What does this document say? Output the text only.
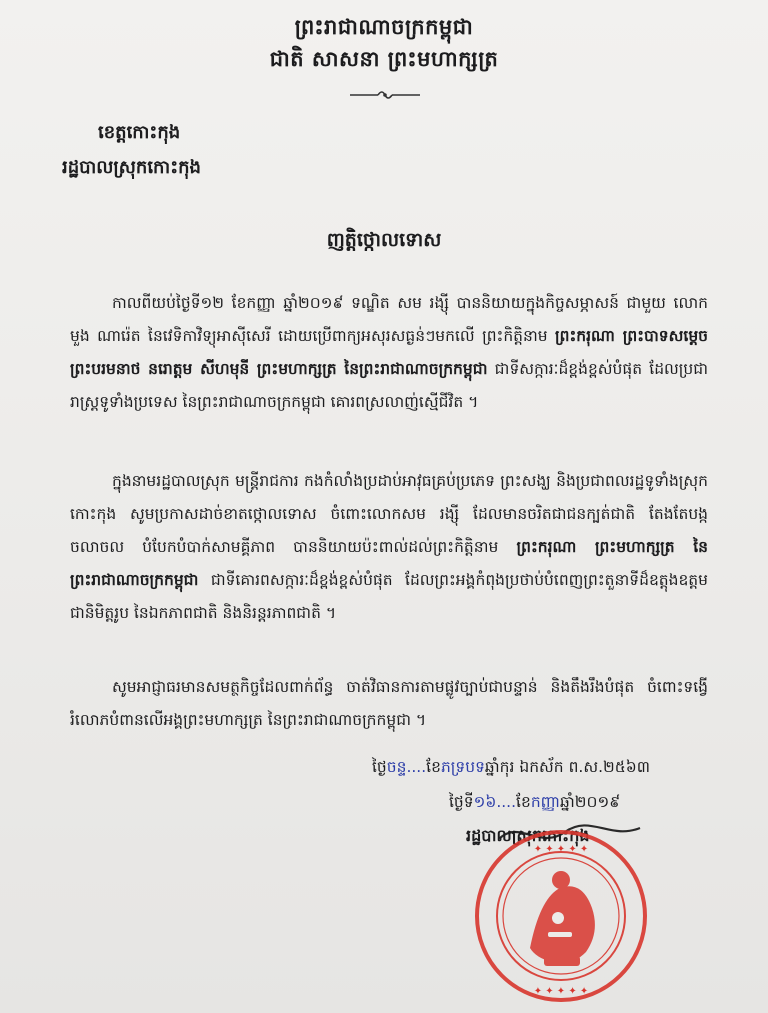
ព្រះរាជាណាចក្រកម្ពុជា
ជាតិ សាសនា ព្រះមហាក្សត្រ
ខេត្តកោះកុង
រដ្ឋបាលស្រុកកោះកុង
ញត្តិថ្កោលទោស
កាលពីយប់ថ្ងៃទី១២ ខែកញ្ញា ឆ្នាំ២០១៩ ទណ្ឌិត សម រង្ស៊ី បាននិយាយក្នុងកិច្ចសម្ភាសន៍ ជាមួយ លោក មួង ណារ៉េត នៃវេទិកាវិទ្យុអាស៊ីសេរី ដោយប្រើពាក្យអសុរសធ្ងន់ៗមកលើ ព្រះកិត្តិនាម ព្រះករុណា ព្រះបាទសម្តេចព្រះបរមនាថ នរោត្តម សីហមុនី ព្រះមហាក្សត្រ នៃព្រះរាជាណាចក្រកម្ពុជា ជាទីសក្ការៈដ៏ខ្ពង់ខ្ពស់បំផុត ដែលប្រជារាស្ត្រទូទាំងប្រទេស នៃព្រះរាជាណាចក្រកម្ពុជា គោរពស្រលាញ់ស្មើជីវិត ។
ក្នុងនាមរដ្ឋបាលស្រុក មន្ត្រីរាជការ កងកំលាំងប្រដាប់អាវុធគ្រប់ប្រភេទ ព្រះសង្ឃ និងប្រជាពលរដ្ឋទូទាំងស្រុកកោះកុង សូមប្រកាសដាច់ខាតថ្កោលទោស ចំពោះលោកសម រង្ស៊ី ដែលមានចរិតជាជនក្បត់ជាតិ តែងតែបង្កចលាចល បំបែកបំបាក់សាមគ្គីភាព បាននិយាយប៉ះពាល់ដល់ព្រះកិត្តិនាម ព្រះករុណា ព្រះមហាក្សត្រ នៃព្រះរាជាណាចក្រកម្ពុជា ជាទីគោរពសក្ការៈដ៏ខ្ពង់ខ្ពស់បំផុត ដែលព្រះអង្គកំពុងប្រថាប់បំពេញព្រះតួនាទីដ៏ឧត្តុងឧត្តម ជានិមិត្តរូប នៃឯកភាពជាតិ និងនិរន្តរភាពជាតិ ។
សូមអាជ្ញាធរមានសមត្ថកិច្ចដែលពាក់ព័ន្ធ ចាត់វិធានការតាមផ្លូវច្បាប់ជាបន្ទាន់ និងតឹងរឹងបំផុត ចំពោះទង្វើ រំលោភបំពានលើអង្គព្រះមហាក្សត្រ នៃព្រះរាជាណាចក្រកម្ពុជា ។
ថ្ងៃចន្ទ....ខែភទ្របទឆ្នាំកុរ ឯកស័ក ព.ស.២៥៦៣
ថ្ងៃទី១៦....ខែកញ្ញាឆ្នាំ២០១៩
រដ្ឋបាលស្រុកកោះកុង
✦ ✦ ✦ ✦ ✦
✦ ✦ ✦ ✦ ✦
